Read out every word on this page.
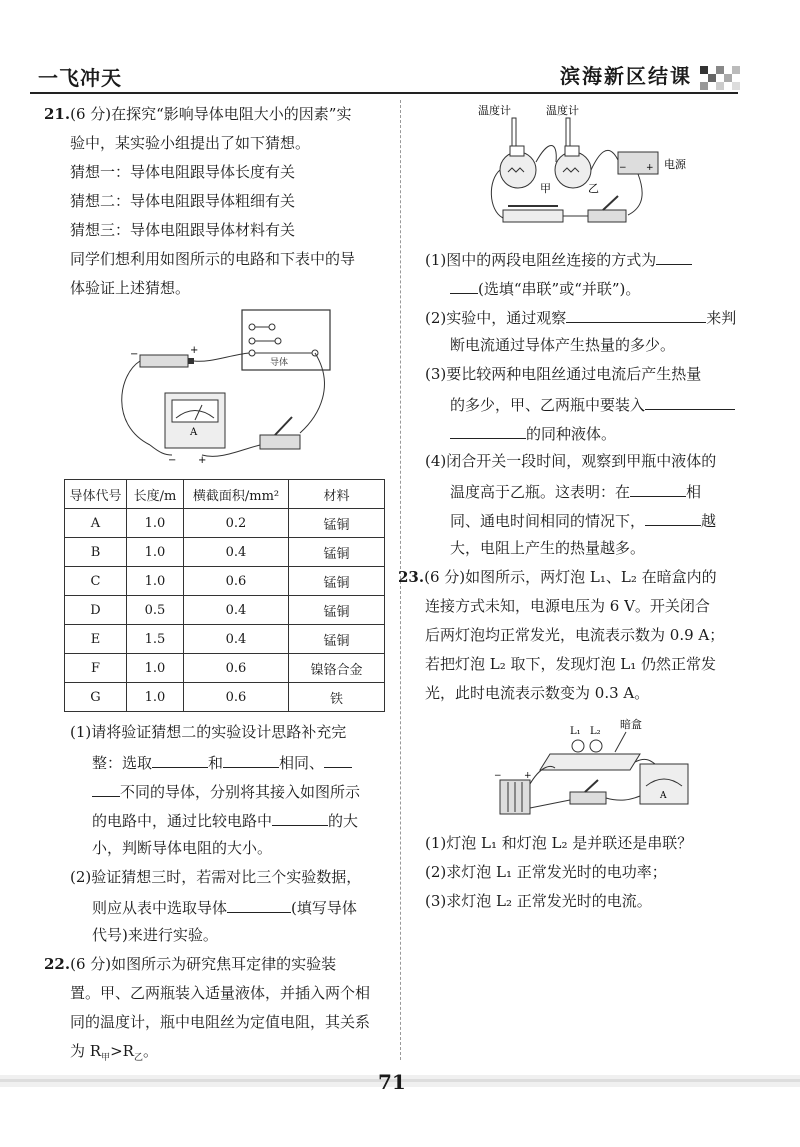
一飞冲天	滨海新区结课
21.(6 分)在探究“影响导体电阻大小的因素”实
验中，某实验小组提出了如下猜想。
猜想一：导体电阻跟导体长度有关
猜想二：导体电阻跟导体粗细有关
猜想三：导体电阻跟导体材料有关
同学们想利用如图所示的电路和下表中的导
体验证上述猜想。
导体
−	+
A
− +
导体代号	长度/m	横截面积/mm²	材料
A	1.0	0.2	锰铜
B	1.0	0.4	锰铜
C	1.0	0.6	锰铜
D	0.5	0.4	锰铜
E	1.5	0.4	锰铜
F	1.0	0.6	镍铬合金
G	1.0	0.6	铁
(1)请将验证猜想二的实验设计思路补充完
整：选取	和	相同、
不同的导体，分别将其接入如图所示
的电路中，通过比较电路中	的大
小，判断导体电阻的大小。
(2)验证猜想三时，若需对比三个实验数据，
则应从表中选取导体	(填写导体
代号)来进行实验。
22.(6 分)如图所示为研究焦耳定律的实验装
置。甲、乙两瓶装入适量液体，并插入两个相
同的温度计，瓶中电阻丝为定值电阻，其关系
为 $R_甲>R_乙$。
温度计	温度计
甲	乙
− + 电源
(1)图中的两段电阻丝连接的方式为
(选填“串联”或“并联”)。
(2)实验中，通过观察	来判
断电流通过导体产生热量的多少。
(3)要比较两种电阻丝通过电流后产生热量
的多少，甲、乙两瓶中要装入
的同种液体。
(4)闭合开关一段时间，观察到甲瓶中液体的
温度高于乙瓶。这表明：在	相
同、通电时间相同的情况下，	越
大，电阻上产生的热量越多。
23.(6 分)如图所示，两灯泡 L₁、L₂ 在暗盒内的
连接方式未知，电源电压为 6 V。开关闭合
后两灯泡均正常发光，电流表示数为 0.9 A；
若把灯泡 L₂ 取下，发现灯泡 L₁ 仍然正常发
光，此时电流表示数变为 0.3 A。
L₁ L₂
暗盒
− +
A
(1)灯泡 L₁ 和灯泡 L₂ 是并联还是串联？
(2)求灯泡 L₁ 正常发光时的电功率；
(3)求灯泡 L₂ 正常发光时的电流。
71
